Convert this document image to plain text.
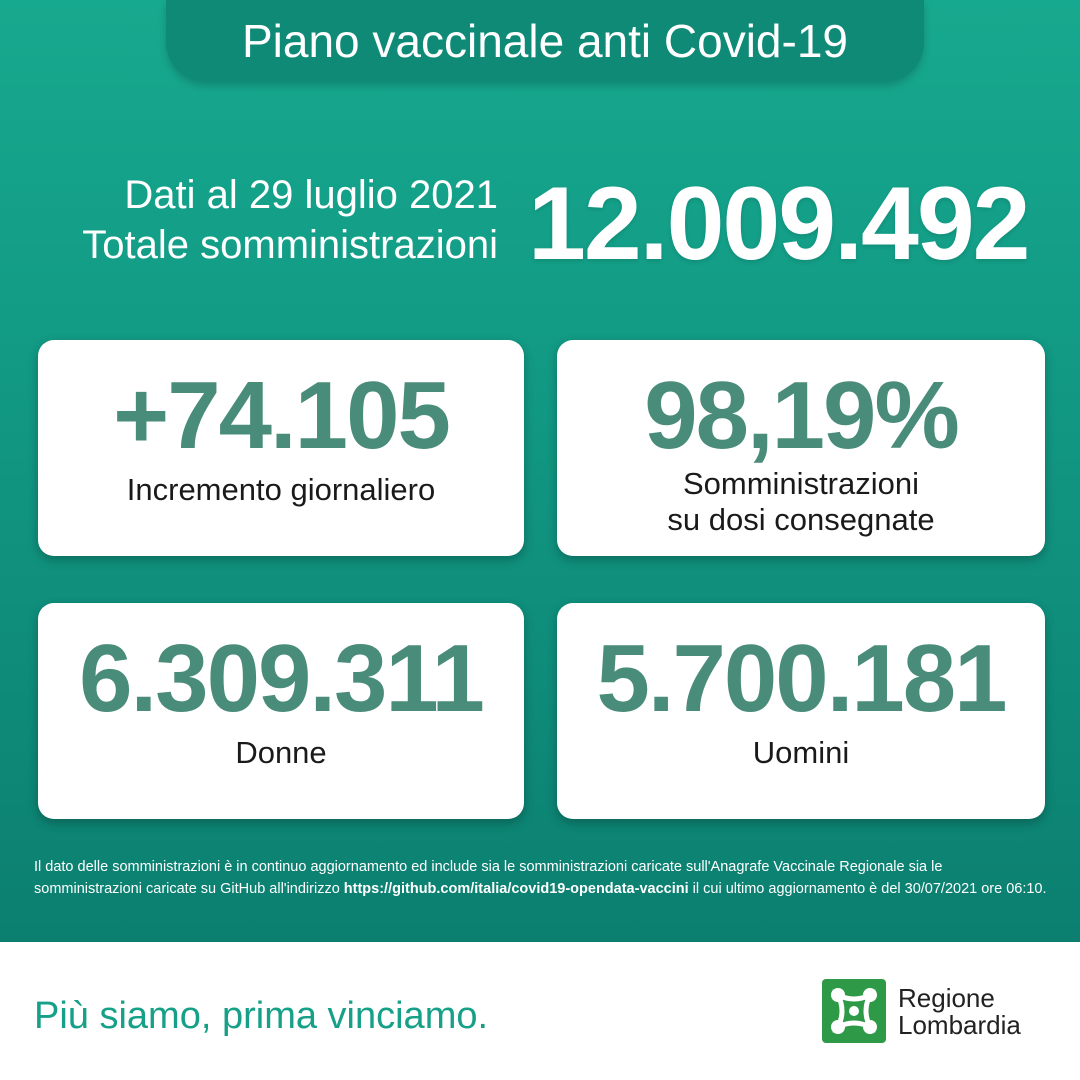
Piano vaccinale anti Covid-19
Dati al 29 luglio 2021
Totale somministrazioni 12.009.492
+74.105
Incremento giornaliero
98,19%
Somministrazioni
su dosi consegnate
6.309.311
Donne
5.700.181
Uomini
Il dato delle somministrazioni è in continuo aggiornamento ed include sia le somministrazioni caricate sull'Anagrafe Vaccinale Regionale sia le somministrazioni caricate su GitHub all'indirizzo https://github.com/italia/covid19-opendata-vaccini il cui ultimo aggiornamento è del 30/07/2021 ore 06:10.
Più siamo, prima vinciamo.	Regione
Lombardia
